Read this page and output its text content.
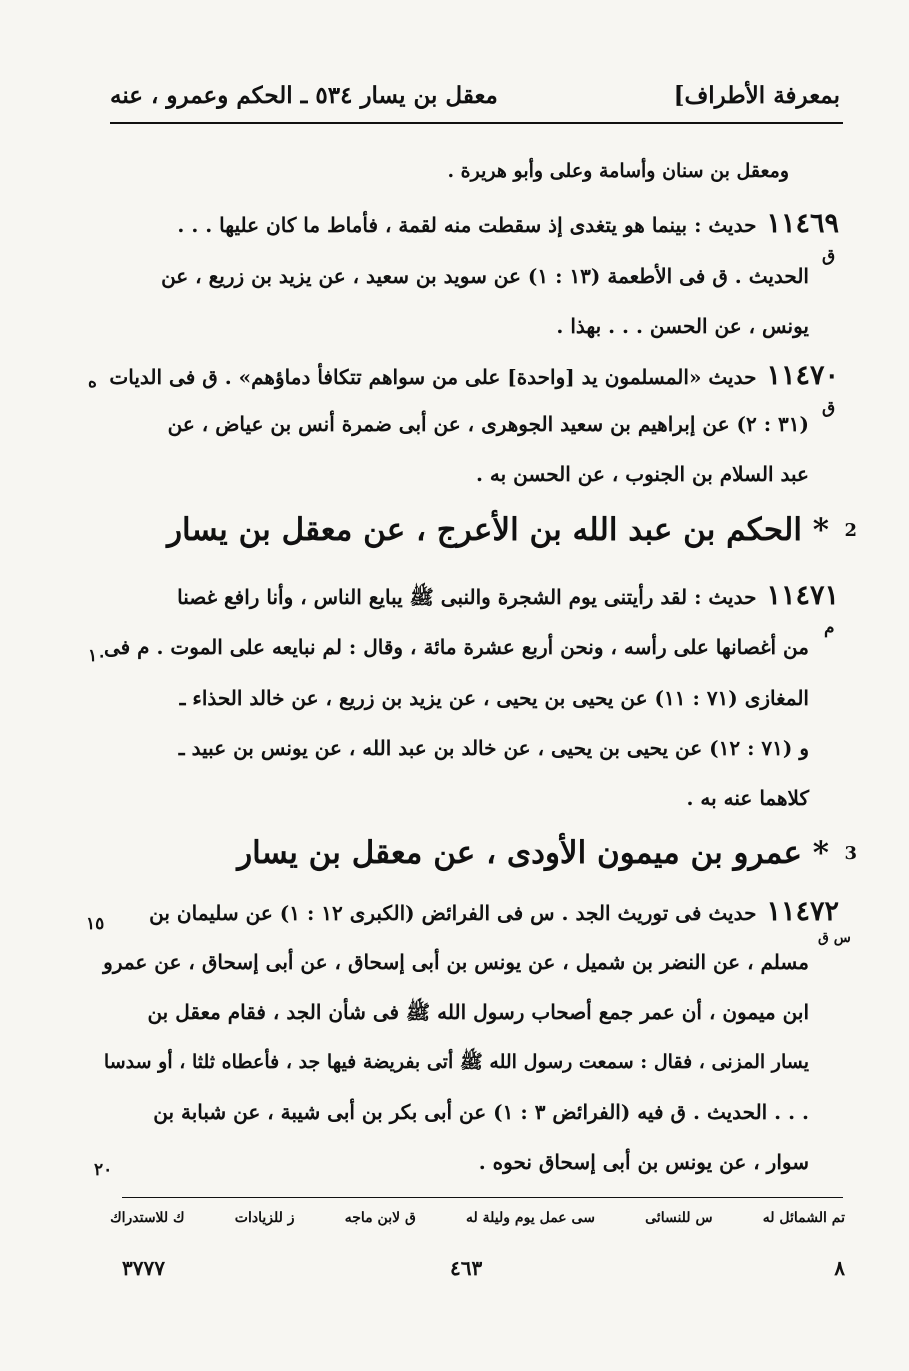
بمعرفة الأطراف]
معقل بن يسار ٥٣٤ ـ الحكم وعمرو ، عنه
ومعقل بن سنان وأسامة وعلى وأبو هريرة .
١١٤٦٩حديث : بينما هو يتغدى إذ سقطت منه لقمة ، فأماط ما كان عليها . . .
الحديث . ق فى الأطعمة (١٣ : ١) عن سويد بن سعيد ، عن يزيد بن زريع ، عن
يونس ، عن الحسن . . . بهذا .
١١٤٧٠حديث «المسلمون يد [واحدة] على من سواهم تتكافأ دماؤهم» . ق فى الديات
(٣١ : ٢) عن إبراهيم بن سعيد الجوهرى ، عن أبى ضمرة أنس بن عياض ، عن
عبد السلام بن الجنوب ، عن الحسن به .
2
* الحكم بن عبد الله بن الأعرج ، عن معقل بن يسار
١١٤٧١حديث : لقد رأيتنى يوم الشجرة والنبى ﷺ يبايع الناس ، وأنا رافع غصنا
من أغصانها على رأسه ، ونحن أربع عشرة مائة ، وقال : لم نبايعه على الموت . م فى
المغازى (٧١ : ١١) عن يحيى بن يحيى ، عن يزيد بن زريع ، عن خالد الحذاء ـ
و (٧١ : ١٢) عن يحيى بن يحيى ، عن خالد بن عبد الله ، عن يونس بن عبيد ـ
كلاهما عنه به .
3
* عمرو بن ميمون الأودى ، عن معقل بن يسار
١١٤٧٢حديث فى توريث الجد . س فى الفرائض (الكبرى ١٢ : ١) عن سليمان بن
مسلم ، عن النضر بن شميل ، عن يونس بن أبى إسحاق ، عن أبى إسحاق ، عن عمرو
ابن ميمون ، أن عمر جمع أصحاب رسول الله ﷺ فى شأن الجد ، فقام معقل بن
يسار المزنى ، فقال : سمعت رسول الله ﷺ أتى بفريضة فيها جد ، فأعطاه ثلثا ، أو سدسا
. . . الحديث . ق فيه (الفرائض ٣ : ١) عن أبى بكر بن أبى شيبة ، عن شبابة بن
سوار ، عن يونس بن أبى إسحاق نحوه .
ق
ه
ق
م
١٠
١٥
س ق
٢٠
تم الشمائل له
س للنسائى
سى عمل يوم وليلة له
ق لابن ماجه
ز للزيادات
ك للاستدراك
٨
٤٦٣
٣٧٧٧
